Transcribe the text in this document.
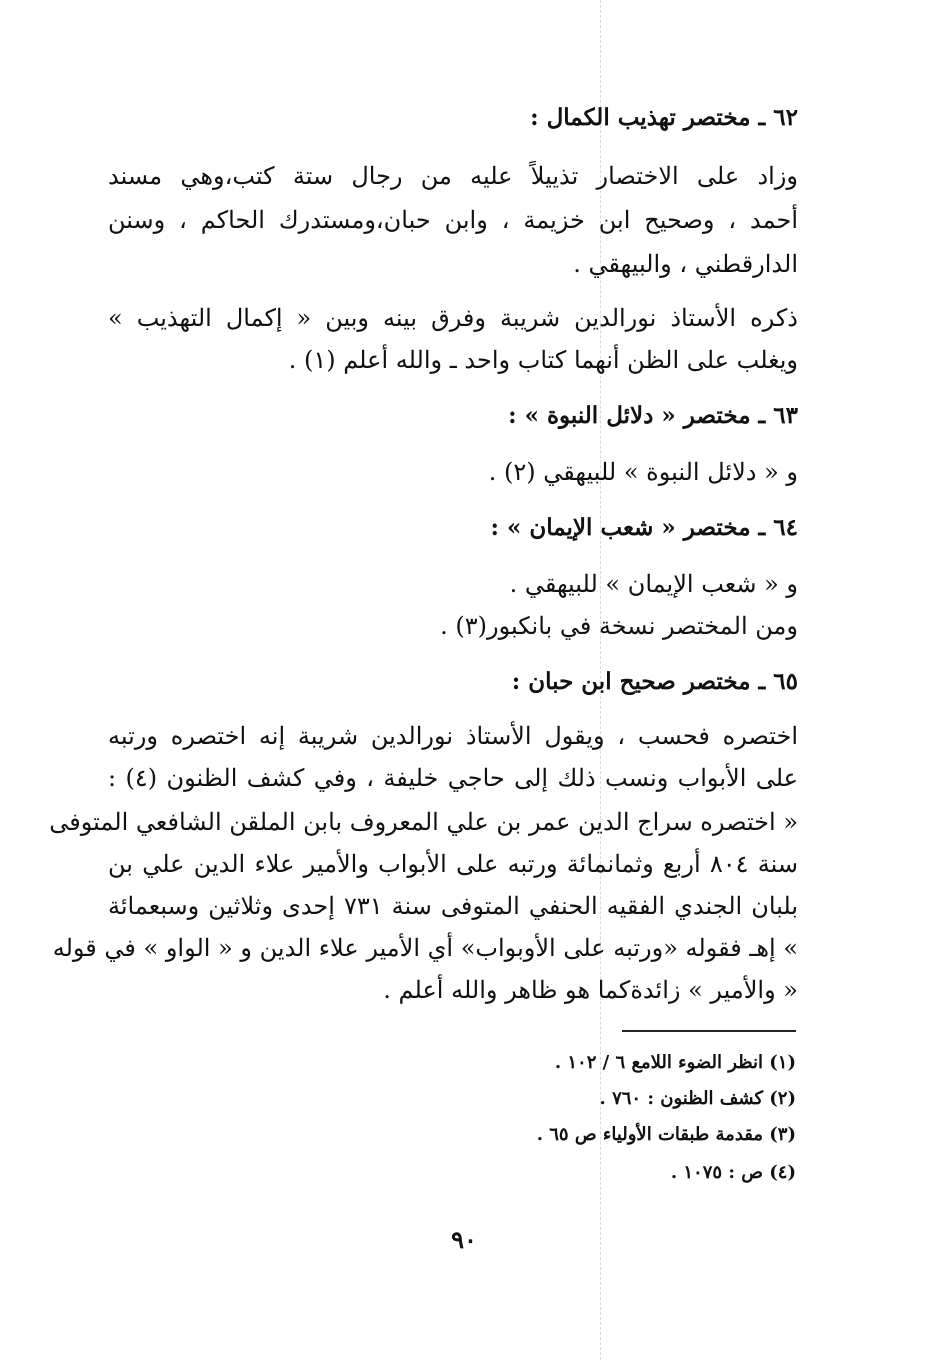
٦٢ ـ مختصر تهذيب الكمال :
وزاد على الاختصار تذييلاً عليه من رجال ستة كتب،وهي مسند
أحمد ، وصحيح ابن خزيمة ، وابن حبان،ومستدرك الحاكم ، وسنن
الدارقطني ، والبيهقي .
ذكره الأستاذ نورالدين شريبة وفرق بينه وبين « إكمال التهذيب »
ويغلب على الظن أنهما كتاب واحد ـ والله أعلم (١) .
٦٣ ـ مختصر « دلائل النبوة » :
و « دلائل النبوة » للبيهقي (٢) .
٦٤ ـ مختصر « شعب الإيمان » :
و « شعب الإيمان » للبيهقي .
ومن المختصر نسخة في بانكبور(٣) .
٦٥ ـ مختصر صحيح ابن حبان :
اختصره فحسب ، ويقول الأستاذ نورالدين شريبة إنه اختصره ورتبه
على الأبواب ونسب ذلك إلى حاجي خليفة ، وفي كشف الظنون (٤) :
« اختصره سراج الدين عمر بن علي المعروف بابن الملقن الشافعي المتوفى
سنة ٨٠٤ أربع وثمانمائة ورتبه على الأبواب والأمير علاء الدين علي بن
بلبان الجندي الفقيه الحنفي المتوفى سنة ٧٣١ إحدى وثلاثين وسبعمائة
» إهـ فقوله «ورتبه على الأوبواب» أي الأمير علاء الدين و « الواو » في قوله
« والأمير » زائدةكما هو ظاهر والله أعلم .
(١) انظر الضوء اللامع ٦ / ١٠٢ .
(٢) كشف الظنون : ٧٦٠ .
(٣) مقدمة طبقات الأولياء ص ٦٥ .
(٤) ص : ١٠٧٥ .
٩٠
